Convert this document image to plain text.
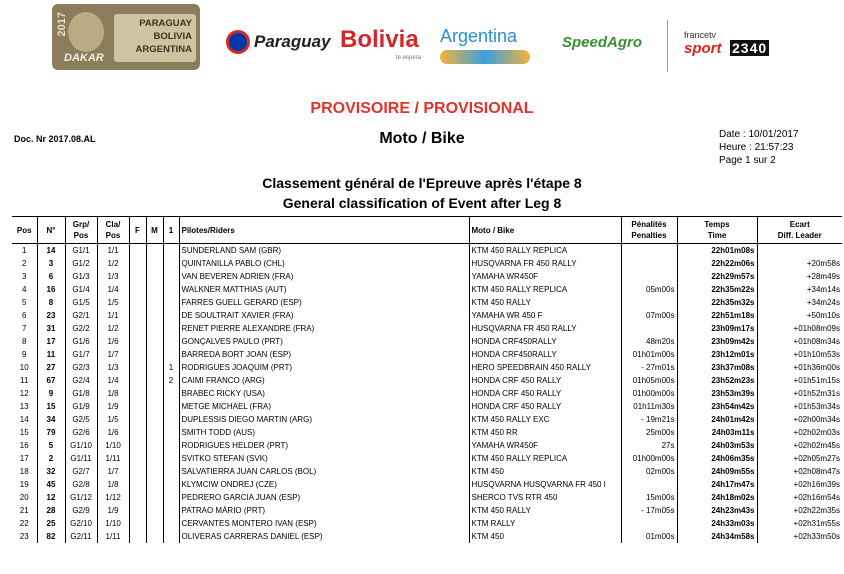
2017
DAKAR
PARAGUAY
BOLIVIA
ARGENTINA	Paraguay Bolivia
te espera
Argentina	SpeedAgro	francetv
sport 2340
PROVISOIRE / PROVISIONAL
Doc. Nr 2017.08.AL	Moto / Bike	Date : 10/01/2017
Heure : 21:57:23
Page 1 sur 2
Classement général de l'Epreuve après l'étape 8
General classification of Event after Leg 8
Pos	N°	Grp/
Pos	Cla/
Pos	F	M	1	Pilotes/Riders	Moto / Bike	Pénalités
Penalties	Temps
Time	Ecart
Diff. Leader
1	14	G1/1	1/1				SUNDERLAND SAM (GBR)	KTM 450 RALLY REPLICA		22h01m08s	
2	3	G1/2	1/2				QUINTANILLA PABLO (CHL)	HUSQVARNA FR 450 RALLY		22h22m06s	+20m58s
3	6	G1/3	1/3				VAN BEVEREN ADRIEN (FRA)	YAMAHA WR450F		22h29m57s	+28m49s
4	16	G1/4	1/4				WALKNER MATTHIAS (AUT)	KTM 450 RALLY REPLICA	05m00s	22h35m22s	+34m14s
5	8	G1/5	1/5				FARRES GUELL GERARD (ESP)	KTM 450 RALLY		22h35m32s	+34m24s
6	23	G2/1	1/1				DE SOULTRAIT XAVIER (FRA)	YAMAHA WR 450 F	07m00s	22h51m18s	+50m10s
7	31	G2/2	1/2				RENET PIERRE ALEXANDRE (FRA)	HUSQVARNA FR 450 RALLY		23h09m17s	+01h08m09s
8	17	G1/6	1/6				GONÇALVES PAULO (PRT)	HONDA CRF450RALLY	48m20s	23h09m42s	+01h08m34s
9	11	G1/7	1/7				BARREDA BORT JOAN (ESP)	HONDA CRF450RALLY	01h01m00s	23h12m01s	+01h10m53s
10	27	G2/3	1/3			1	RODRIGUES JOAQUIM (PRT)	HERO SPEEDBRAIN 450 RALLY	- 27m01s	23h37m08s	+01h36m00s
11	67	G2/4	1/4			2	CAIMI FRANCO (ARG)	HONDA CRF 450 RALLY	01h05m00s	23h52m23s	+01h51m15s
12	9	G1/8	1/8				BRABEC RICKY (USA)	HONDA CRF 450 RALLY	01h00m00s	23h53m39s	+01h52m31s
13	15	G1/9	1/9				METGE MICHAEL (FRA)	HONDA CRF 450 RALLY	01h11m30s	23h54m42s	+01h53m34s
14	34	G2/5	1/5				DUPLESSIS DIEGO MARTIN (ARG)	KTM 450 RALLY EXC	- 19m21s	24h01m42s	+02h00m34s
15	79	G2/6	1/6				SMITH TODD (AUS)	KTM 450 RR	25m00s	24h03m11s	+02h02m03s
16	5	G1/10	1/10				RODRIGUES HELDER (PRT)	YAMAHA WR450F	27s	24h03m53s	+02h02m45s
17	2	G1/11	1/11				SVITKO STEFAN (SVK)	KTM 450 RALLY REPLICA	01h00m00s	24h06m35s	+02h05m27s
18	32	G2/7	1/7				SALVATIERRA JUAN CARLOS (BOL)	KTM 450	02m00s	24h09m55s	+02h08m47s
19	45	G2/8	1/8				KLYMCIW ONDREJ (CZE)	HUSQVARNA HUSQVARNA FR 450 I		24h17m47s	+02h16m39s
20	12	G1/12	1/12				PEDRERO GARCIA JUAN (ESP)	SHERCO TVS RTR 450	15m00s	24h18m02s	+02h16m54s
21	28	G2/9	1/9				PATRAO MÁRIO (PRT)	KTM 450 RALLY	- 17m05s	24h23m43s	+02h22m35s
22	25	G2/10	1/10				CERVANTES MONTERO IVAN (ESP)	KTM RALLY		24h33m03s	+02h31m55s
23	82	G2/11	1/11				OLIVERAS CARRERAS DANIEL (ESP)	KTM 450	01m00s	24h34m58s	+02h33m50s
